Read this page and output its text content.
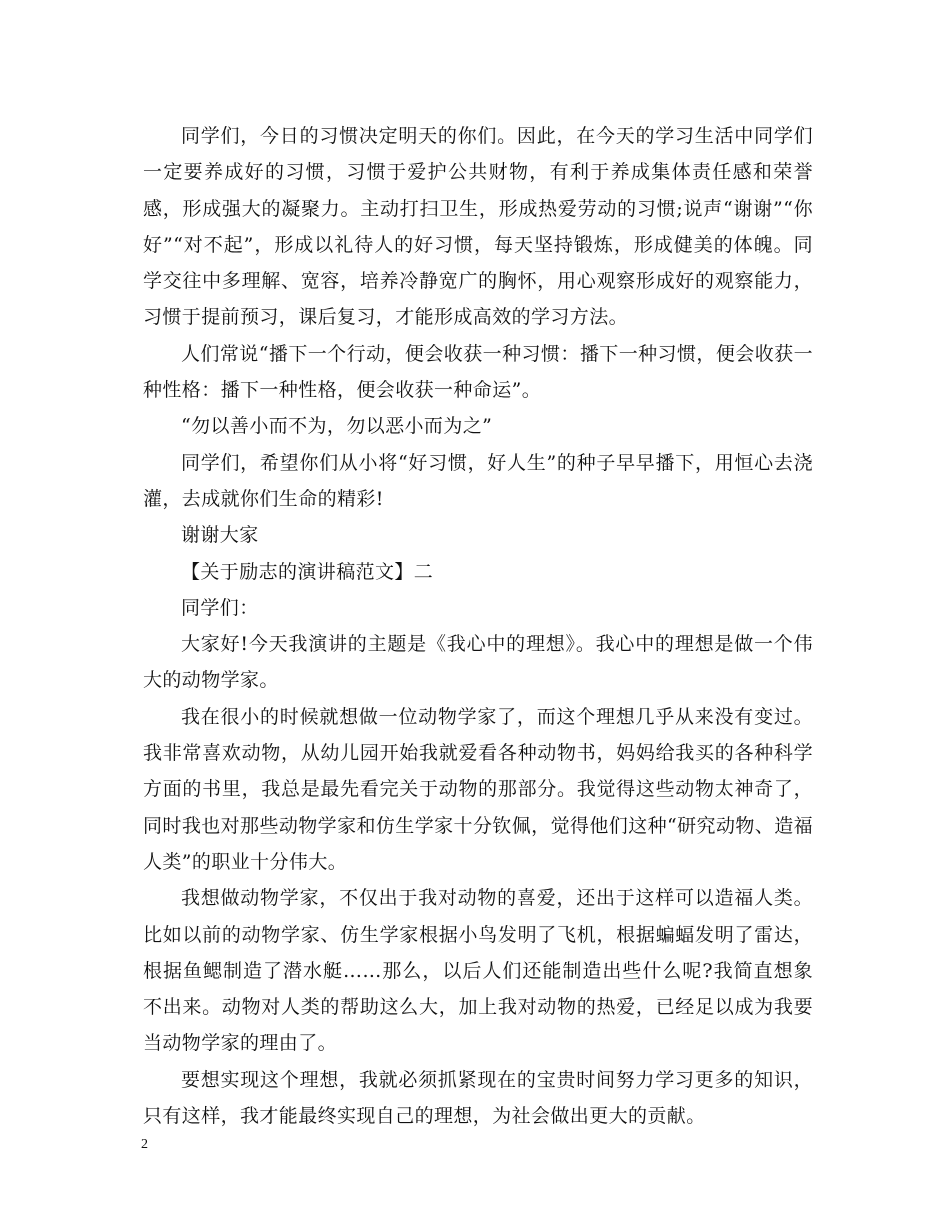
同学们，今日的习惯决定明天的你们。因此，在今天的学习生活中同学们一定要养成好的习惯，习惯于爱护公共财物，有利于养成集体责任感和荣誉感，形成强大的凝聚力。主动打扫卫生，形成热爱劳动的习惯;说声“谢谢”“你好”“对不起”，形成以礼待人的好习惯，每天坚持锻炼，形成健美的体魄。同学交往中多理解、宽容，培养冷静宽广的胸怀，用心观察形成好的观察能力，习惯于提前预习，课后复习，才能形成高效的学习方法。

人们常说“播下一个行动，便会收获一种习惯：播下一种习惯，便会收获一种性格：播下一种性格，便会收获一种命运”。

“勿以善小而不为，勿以恶小而为之”

同学们，希望你们从小将“好习惯，好人生”的种子早早播下，用恒心去浇灌，去成就你们生命的精彩!

谢谢大家

【关于励志的演讲稿范文】二

同学们：

大家好!今天我演讲的主题是《我心中的理想》。我心中的理想是做一个伟大的动物学家。

我在很小的时候就想做一位动物学家了，而这个理想几乎从来没有变过。我非常喜欢动物，从幼儿园开始我就爱看各种动物书，妈妈给我买的各种科学方面的书里，我总是最先看完关于动物的那部分。我觉得这些动物太神奇了，同时我也对那些动物学家和仿生学家十分钦佩，觉得他们这种“研究动物、造福人类”的职业十分伟大。

我想做动物学家，不仅出于我对动物的喜爱，还出于这样可以造福人类。比如以前的动物学家、仿生学家根据小鸟发明了飞机，根据蝙蝠发明了雷达，根据鱼鳃制造了潜水艇……那么，以后人们还能制造出些什么呢?我简直想象不出来。动物对人类的帮助这么大，加上我对动物的热爱，已经足以成为我要当动物学家的理由了。

要想实现这个理想，我就必须抓紧现在的宝贵时间努力学习更多的知识，只有这样，我才能最终实现自己的理想，为社会做出更大的贡献。

2
